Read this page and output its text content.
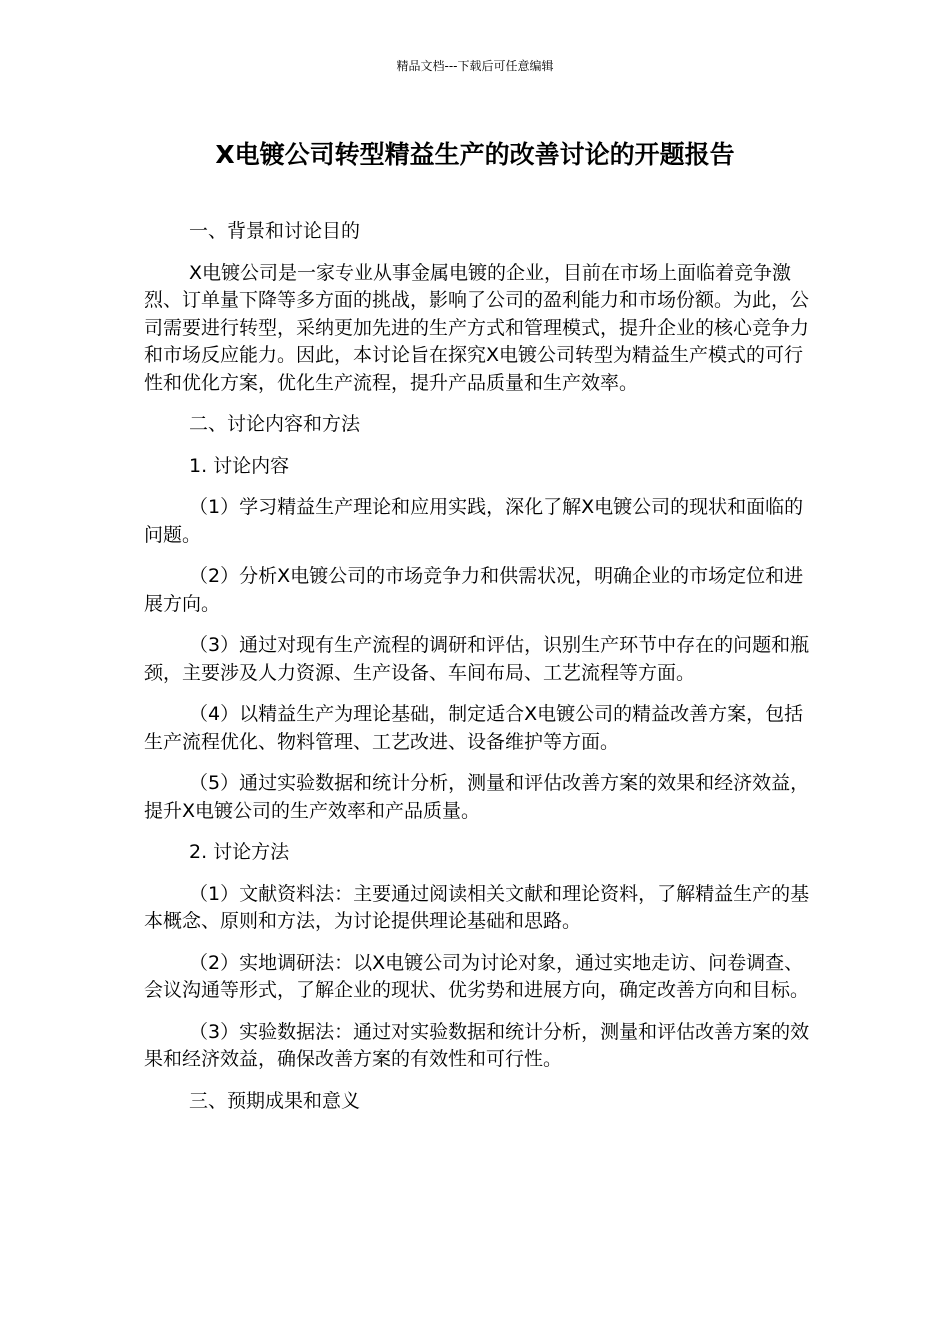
精品文档---下载后可任意编辑
X电镀公司转型精益生产的改善讨论的开题报告
一、背景和讨论目的
X电镀公司是一家专业从事金属电镀的企业，目前在市场上面临着竞争激烈、订单量下降等多方面的挑战，影响了公司的盈利能力和市场份额。为此，公司需要进行转型，采纳更加先进的生产方式和管理模式，提升企业的核心竞争力和市场反应能力。因此，本讨论旨在探究X电镀公司转型为精益生产模式的可行性和优化方案，优化生产流程，提升产品质量和生产效率。
二、讨论内容和方法
1. 讨论内容
（1）学习精益生产理论和应用实践，深化了解X电镀公司的现状和面临的问题。
（2）分析X电镀公司的市场竞争力和供需状况，明确企业的市场定位和进展方向。
（3）通过对现有生产流程的调研和评估，识别生产环节中存在的问题和瓶颈，主要涉及人力资源、生产设备、车间布局、工艺流程等方面。
（4）以精益生产为理论基础，制定适合X电镀公司的精益改善方案，包括生产流程优化、物料管理、工艺改进、设备维护等方面。
（5）通过实验数据和统计分析，测量和评估改善方案的效果和经济效益，提升X电镀公司的生产效率和产品质量。
2. 讨论方法
（1）文献资料法：主要通过阅读相关文献和理论资料，了解精益生产的基本概念、原则和方法，为讨论提供理论基础和思路。
（2）实地调研法：以X电镀公司为讨论对象，通过实地走访、问卷调查、会议沟通等形式，了解企业的现状、优劣势和进展方向，确定改善方向和目标。
（3）实验数据法：通过对实验数据和统计分析，测量和评估改善方案的效果和经济效益，确保改善方案的有效性和可行性。
三、预期成果和意义
